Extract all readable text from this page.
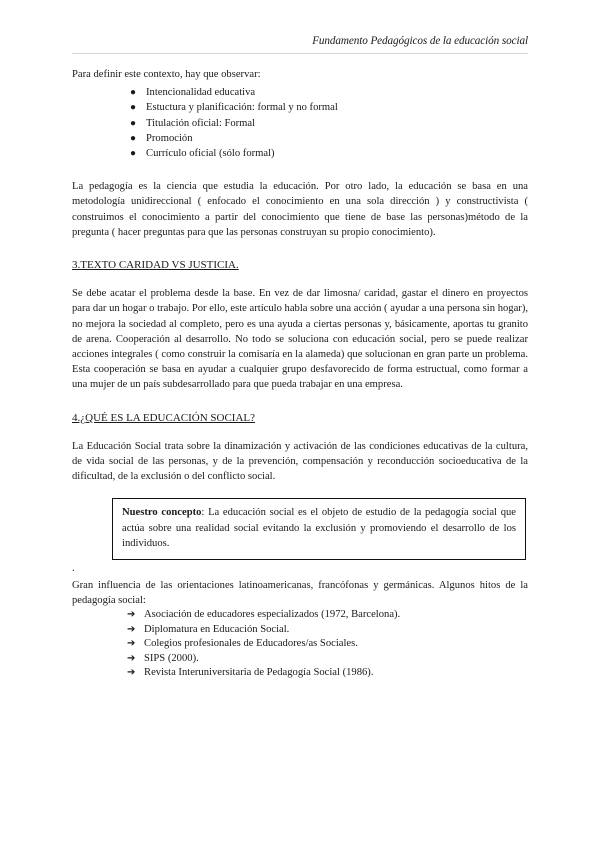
Fundamento Pedagógicos de la educación social

Para definir este contexto, hay que observar:

● Intencionalidad educativa
● Estuctura y planificación: formal y no formal
● Titulación oficial: Formal
● Promoción
● Currículo oficial (sólo formal)

La pedagogía es la ciencia que estudia la educación. Por otro lado, la educación se basa en una metodología unidireccional ( enfocado el conocimiento en una sola dirección ) y constructivista ( construimos el conocimiento a partir del conocimiento que tiene de base las personas)método de la pregunta ( hacer preguntas para que las personas construyan su propio conocimiento).

3.TEXTO CARIDAD VS JUSTICIA.

Se debe acatar el problema desde la base. En vez de dar limosna/ caridad, gastar el dinero en proyectos para dar un hogar o trabajo. Por ello, este artículo habla sobre una acción ( ayudar a una persona sin hogar), no mejora la sociedad al completo, pero es una ayuda a ciertas personas y, básicamente, aportas tu granito de arena. Cooperación al desarrollo. No todo se soluciona con educación social, pero se puede realizar acciones integrales ( como construir la comisaría en la alameda) que solucionan en gran parte un problema. Esta cooperación se basa en ayudar a cualquier grupo desfavorecido de forma estructual, como formar a una mujer de un país subdesarrollado para que pueda trabajar en una empresa.

4.¿QUÉ ES LA EDUCACIÓN SOCIAL?

La Educación Social trata sobre la dinamización y activación de las condiciones educativas de la cultura, de vida social de las personas, y de la prevención, compensación y reconducción socioeducativa de la dificultad, de la exclusión o del conflicto social.

Nuestro concepto: La educación social es el objeto de estudio de la pedagogía social que actúa sobre una realidad social evitando la exclusión y promoviendo el desarrollo de los individuos.

.

Gran influencia de las orientaciones latinoamericanas, francófonas y germánicas. Algunos hitos de la pedagogía social:

➔ Asociación de educadores especializados (1972, Barcelona).
➔ Diplomatura en Educación Social.
➔ Colegios profesionales de Educadores/as Sociales.
➔ SIPS (2000).
➔ Revista Interuniversitaria de Pedagogía Social (1986).
